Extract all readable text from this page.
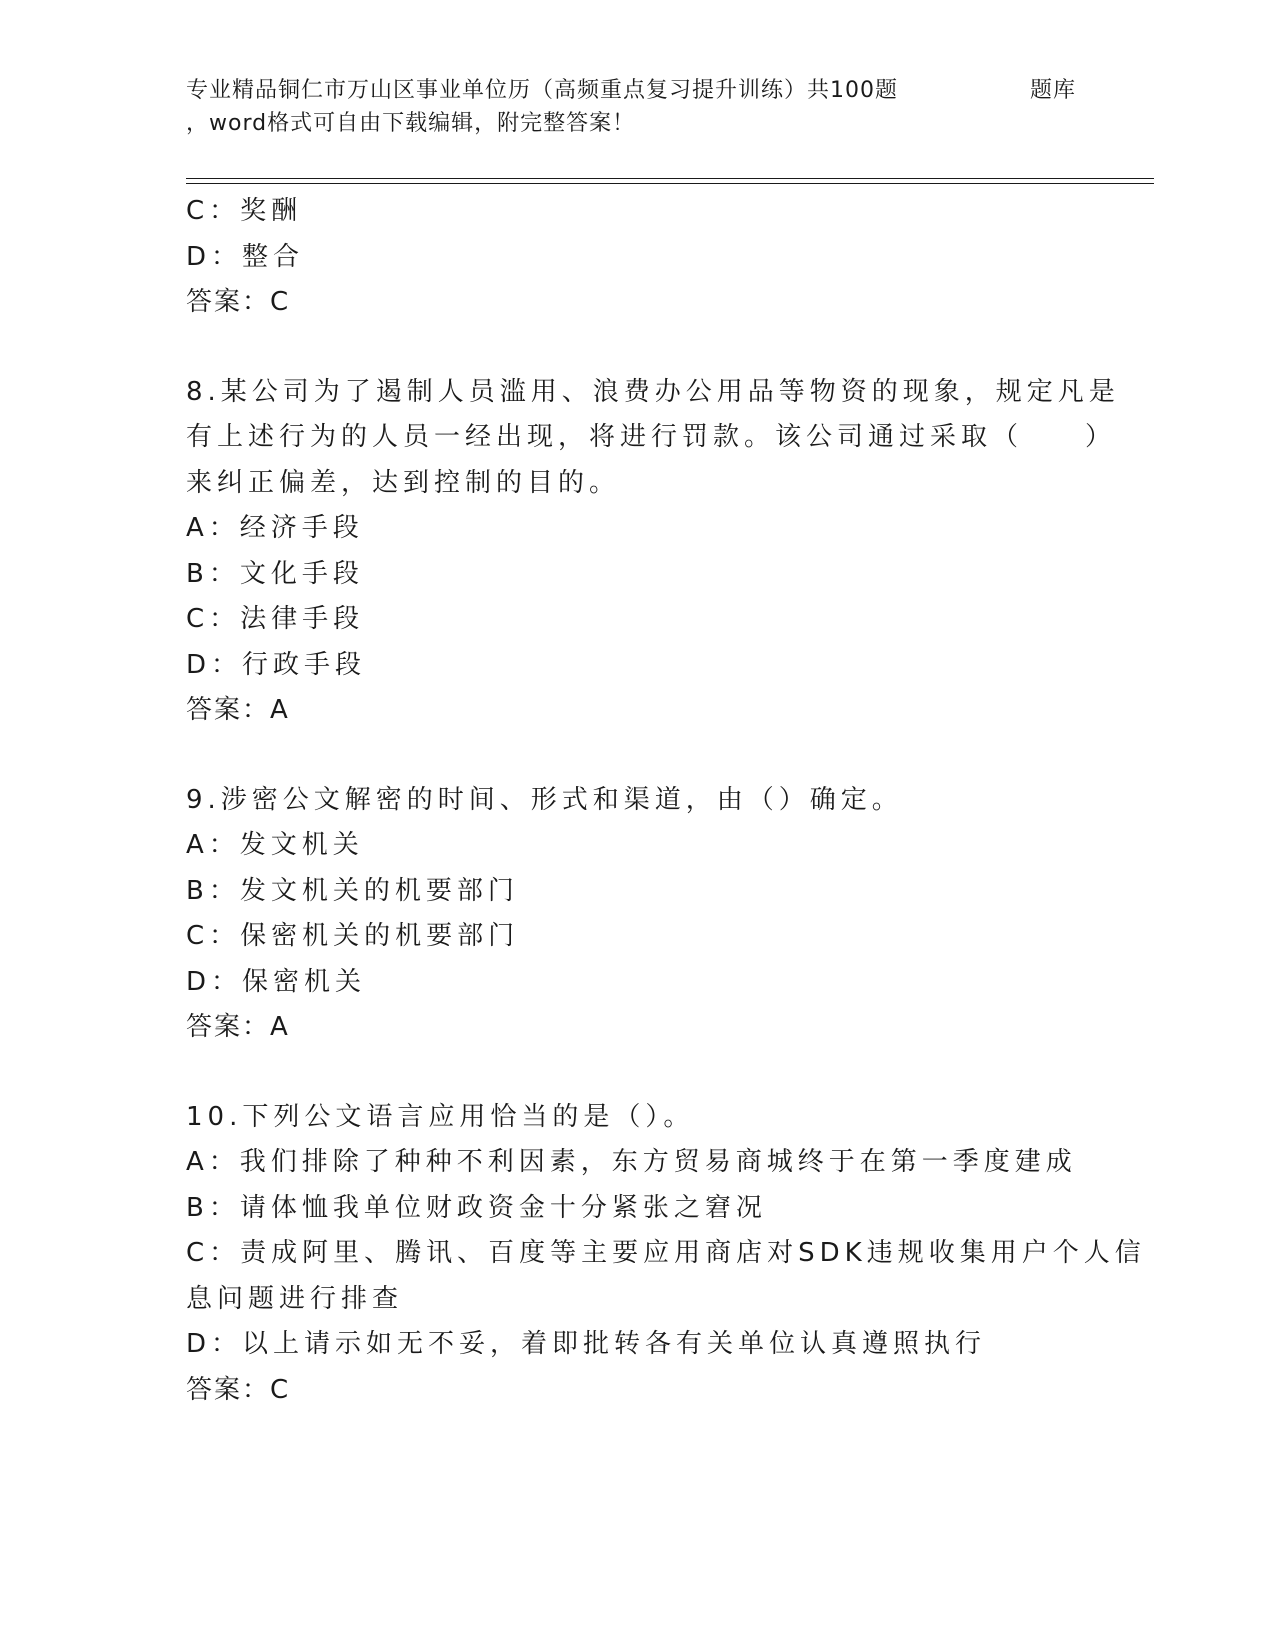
专业精品铜仁市万山区事业单位历（高频重点复习提升训练）共100题	题库
，word格式可自由下载编辑，附完整答案！
C：奖酬
D：整合
答案：C
8.某公司为了遏制人员滥用、浪费办公用品等物资的现象，规定凡是
有上述行为的人员一经出现，将进行罚款。该公司通过采取（　　）
来纠正偏差，达到控制的目的。
A：经济手段
B：文化手段
C：法律手段
D：行政手段
答案：A
9.涉密公文解密的时间、形式和渠道，由（）确定。
A：发文机关
B：发文机关的机要部门
C：保密机关的机要部门
D：保密机关
答案：A
10.下列公文语言应用恰当的是（）。
A：我们排除了种种不利因素，东方贸易商城终于在第一季度建成
B：请体恤我单位财政资金十分紧张之窘况
C：责成阿里、腾讯、百度等主要应用商店对SDK违规收集用户个人信
息问题进行排查
D：以上请示如无不妥，着即批转各有关单位认真遵照执行
答案：C
